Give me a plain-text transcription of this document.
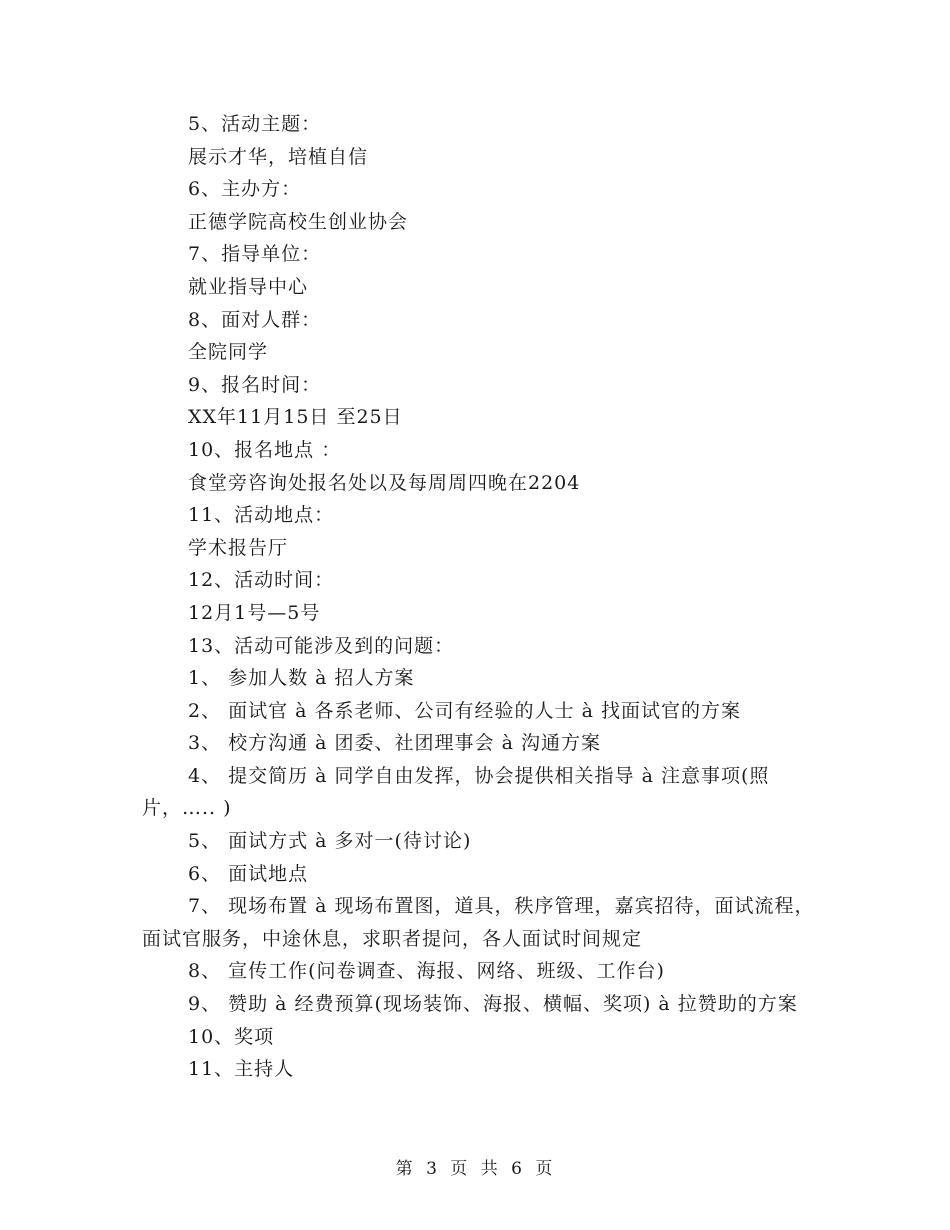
5、活动主题：
展示才华，培植自信
6、主办方：
正德学院高校生创业协会
7、指导单位：
就业指导中心
8、面对人群：
全院同学
9、报名时间：
XX年11月15日 至25日
10、报名地点 ：
食堂旁咨询处报名处以及每周周四晚在2204
11、活动地点：
学术报告厅
12、活动时间：
12月1号—5号
13、活动可能涉及到的问题：
1、 参加人数 à 招人方案
2、 面试官 à 各系老师、公司有经验的人士 à 找面试官的方案
3、 校方沟通 à 团委、社团理事会 à 沟通方案
4、 提交简历 à 同学自由发挥，协会提供相关指导 à 注意事项(照片，….. )
5、 面试方式 à 多对一(待讨论)
6、 面试地点
7、 现场布置 à 现场布置图，道具，秩序管理，嘉宾招待，面试流程，面试官服务，中途休息，求职者提问，各人面试时间规定
8、 宣传工作(问卷调查、海报、网络、班级、工作台)
9、 赞助 à 经费预算(现场装饰、海报、横幅、奖项) à 拉赞助的方案
10、奖项
11、主持人
第 3 页 共 6 页
